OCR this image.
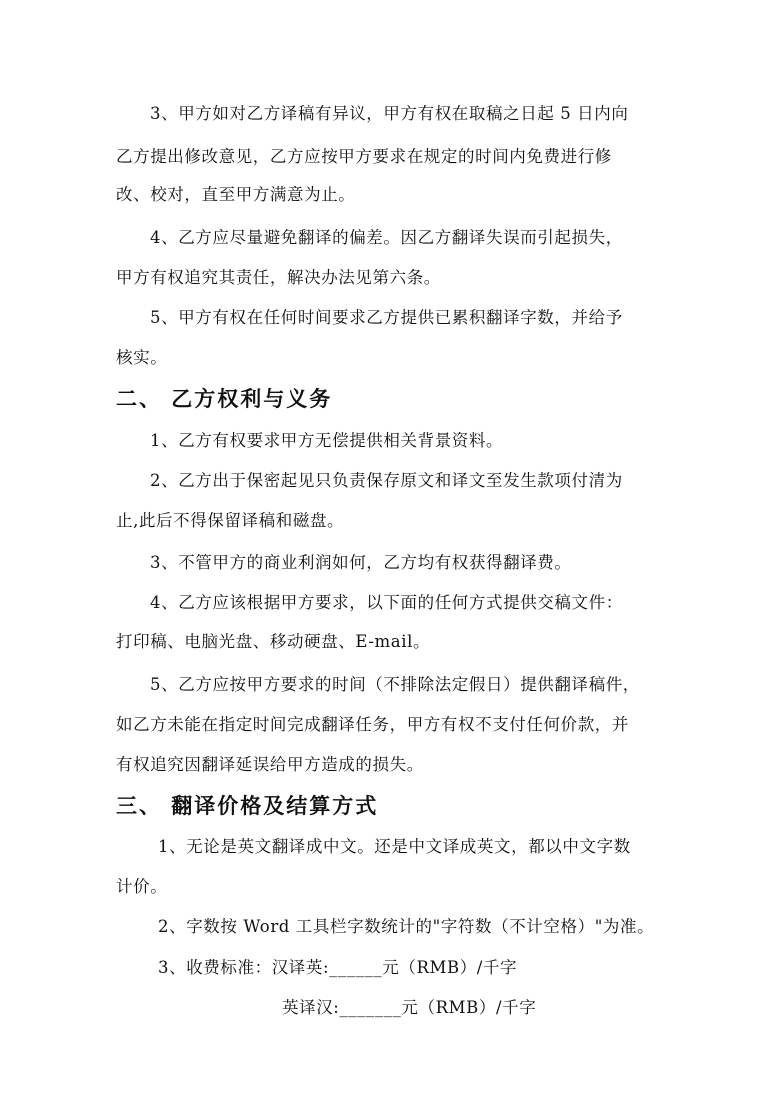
3、甲方如对乙方译稿有异议，甲方有权在取稿之日起 5 日内向
乙方提出修改意见，乙方应按甲方要求在规定的时间内免费进行修
改、校对，直至甲方满意为止。
4、乙方应尽量避免翻译的偏差。因乙方翻译失误而引起损失，
甲方有权追究其责任，解决办法见第六条。
5、甲方有权在任何时间要求乙方提供已累积翻译字数，并给予
核实。
二、 乙方权利与义务
1、乙方有权要求甲方无偿提供相关背景资料。
2、乙方出于保密起见只负责保存原文和译文至发生款项付清为
止,此后不得保留译稿和磁盘。
3、不管甲方的商业利润如何，乙方均有权获得翻译费。
4、乙方应该根据甲方要求，以下面的任何方式提供交稿文件：
打印稿、电脑光盘、移动硬盘、E-mail。
5、乙方应按甲方要求的时间（不排除法定假日）提供翻译稿件，
如乙方未能在指定时间完成翻译任务，甲方有权不支付任何价款，并
有权追究因翻译延误给甲方造成的损失。
三、 翻译价格及结算方式
1、无论是英文翻译成中文。还是中文译成英文，都以中文字数
计价。
2、字数按 Word 工具栏字数统计的"字符数（不计空格）"为准。
3、收费标准：汉译英:______元（RMB）/千字
英译汉:_______元（RMB）/千字
